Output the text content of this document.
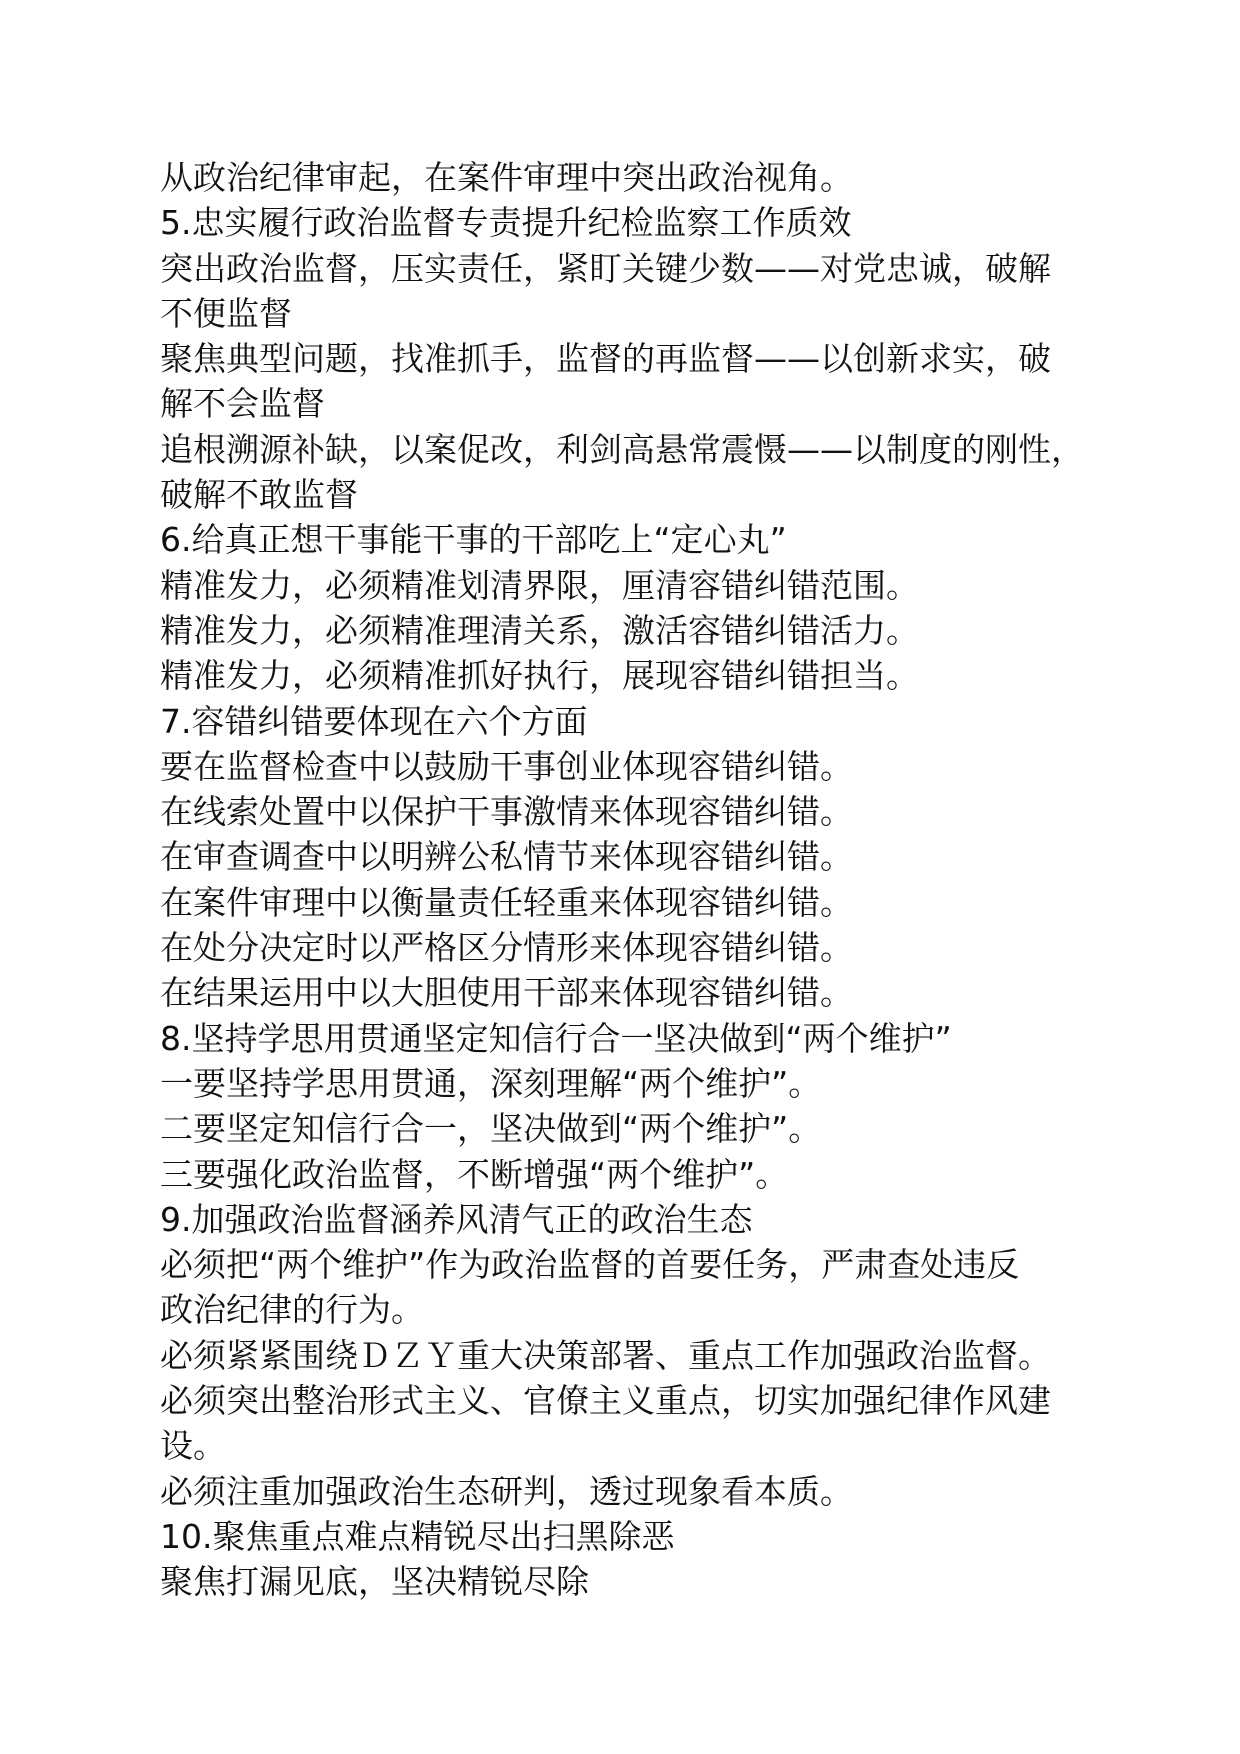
从政治纪律审起，在案件审理中突出政治视角。
5.忠实履行政治监督专责提升纪检监察工作质效
突出政治监督，压实责任，紧盯关键少数——对党忠诚，破解
不便监督
聚焦典型问题，找准抓手，监督的再监督——以创新求实，破
解不会监督
追根溯源补缺，以案促改，利剑高悬常震慑——以制度的刚性，
破解不敢监督
6.给真正想干事能干事的干部吃上“定心丸”
精准发力，必须精准划清界限，厘清容错纠错范围。
精准发力，必须精准理清关系，激活容错纠错活力。
精准发力，必须精准抓好执行，展现容错纠错担当。
7.容错纠错要体现在六个方面
要在监督检查中以鼓励干事创业体现容错纠错。
在线索处置中以保护干事激情来体现容错纠错。
在审查调查中以明辨公私情节来体现容错纠错。
在案件审理中以衡量责任轻重来体现容错纠错。
在处分决定时以严格区分情形来体现容错纠错。
在结果运用中以大胆使用干部来体现容错纠错。
8.坚持学思用贯通坚定知信行合一坚决做到“两个维护”
一要坚持学思用贯通，深刻理解“两个维护”。
二要坚定知信行合一，坚决做到“两个维护”。
三要强化政治监督，不断增强“两个维护”。
9.加强政治监督涵养风清气正的政治生态
必须把“两个维护”作为政治监督的首要任务，严肃查处违反
政治纪律的行为。
必须紧紧围绕ＤＺＹ重大决策部署、重点工作加强政治监督。
必须突出整治形式主义、官僚主义重点，切实加强纪律作风建
设。
必须注重加强政治生态研判，透过现象看本质。
10.聚焦重点难点精锐尽出扫黑除恶
聚焦打漏见底，坚决精锐尽除
